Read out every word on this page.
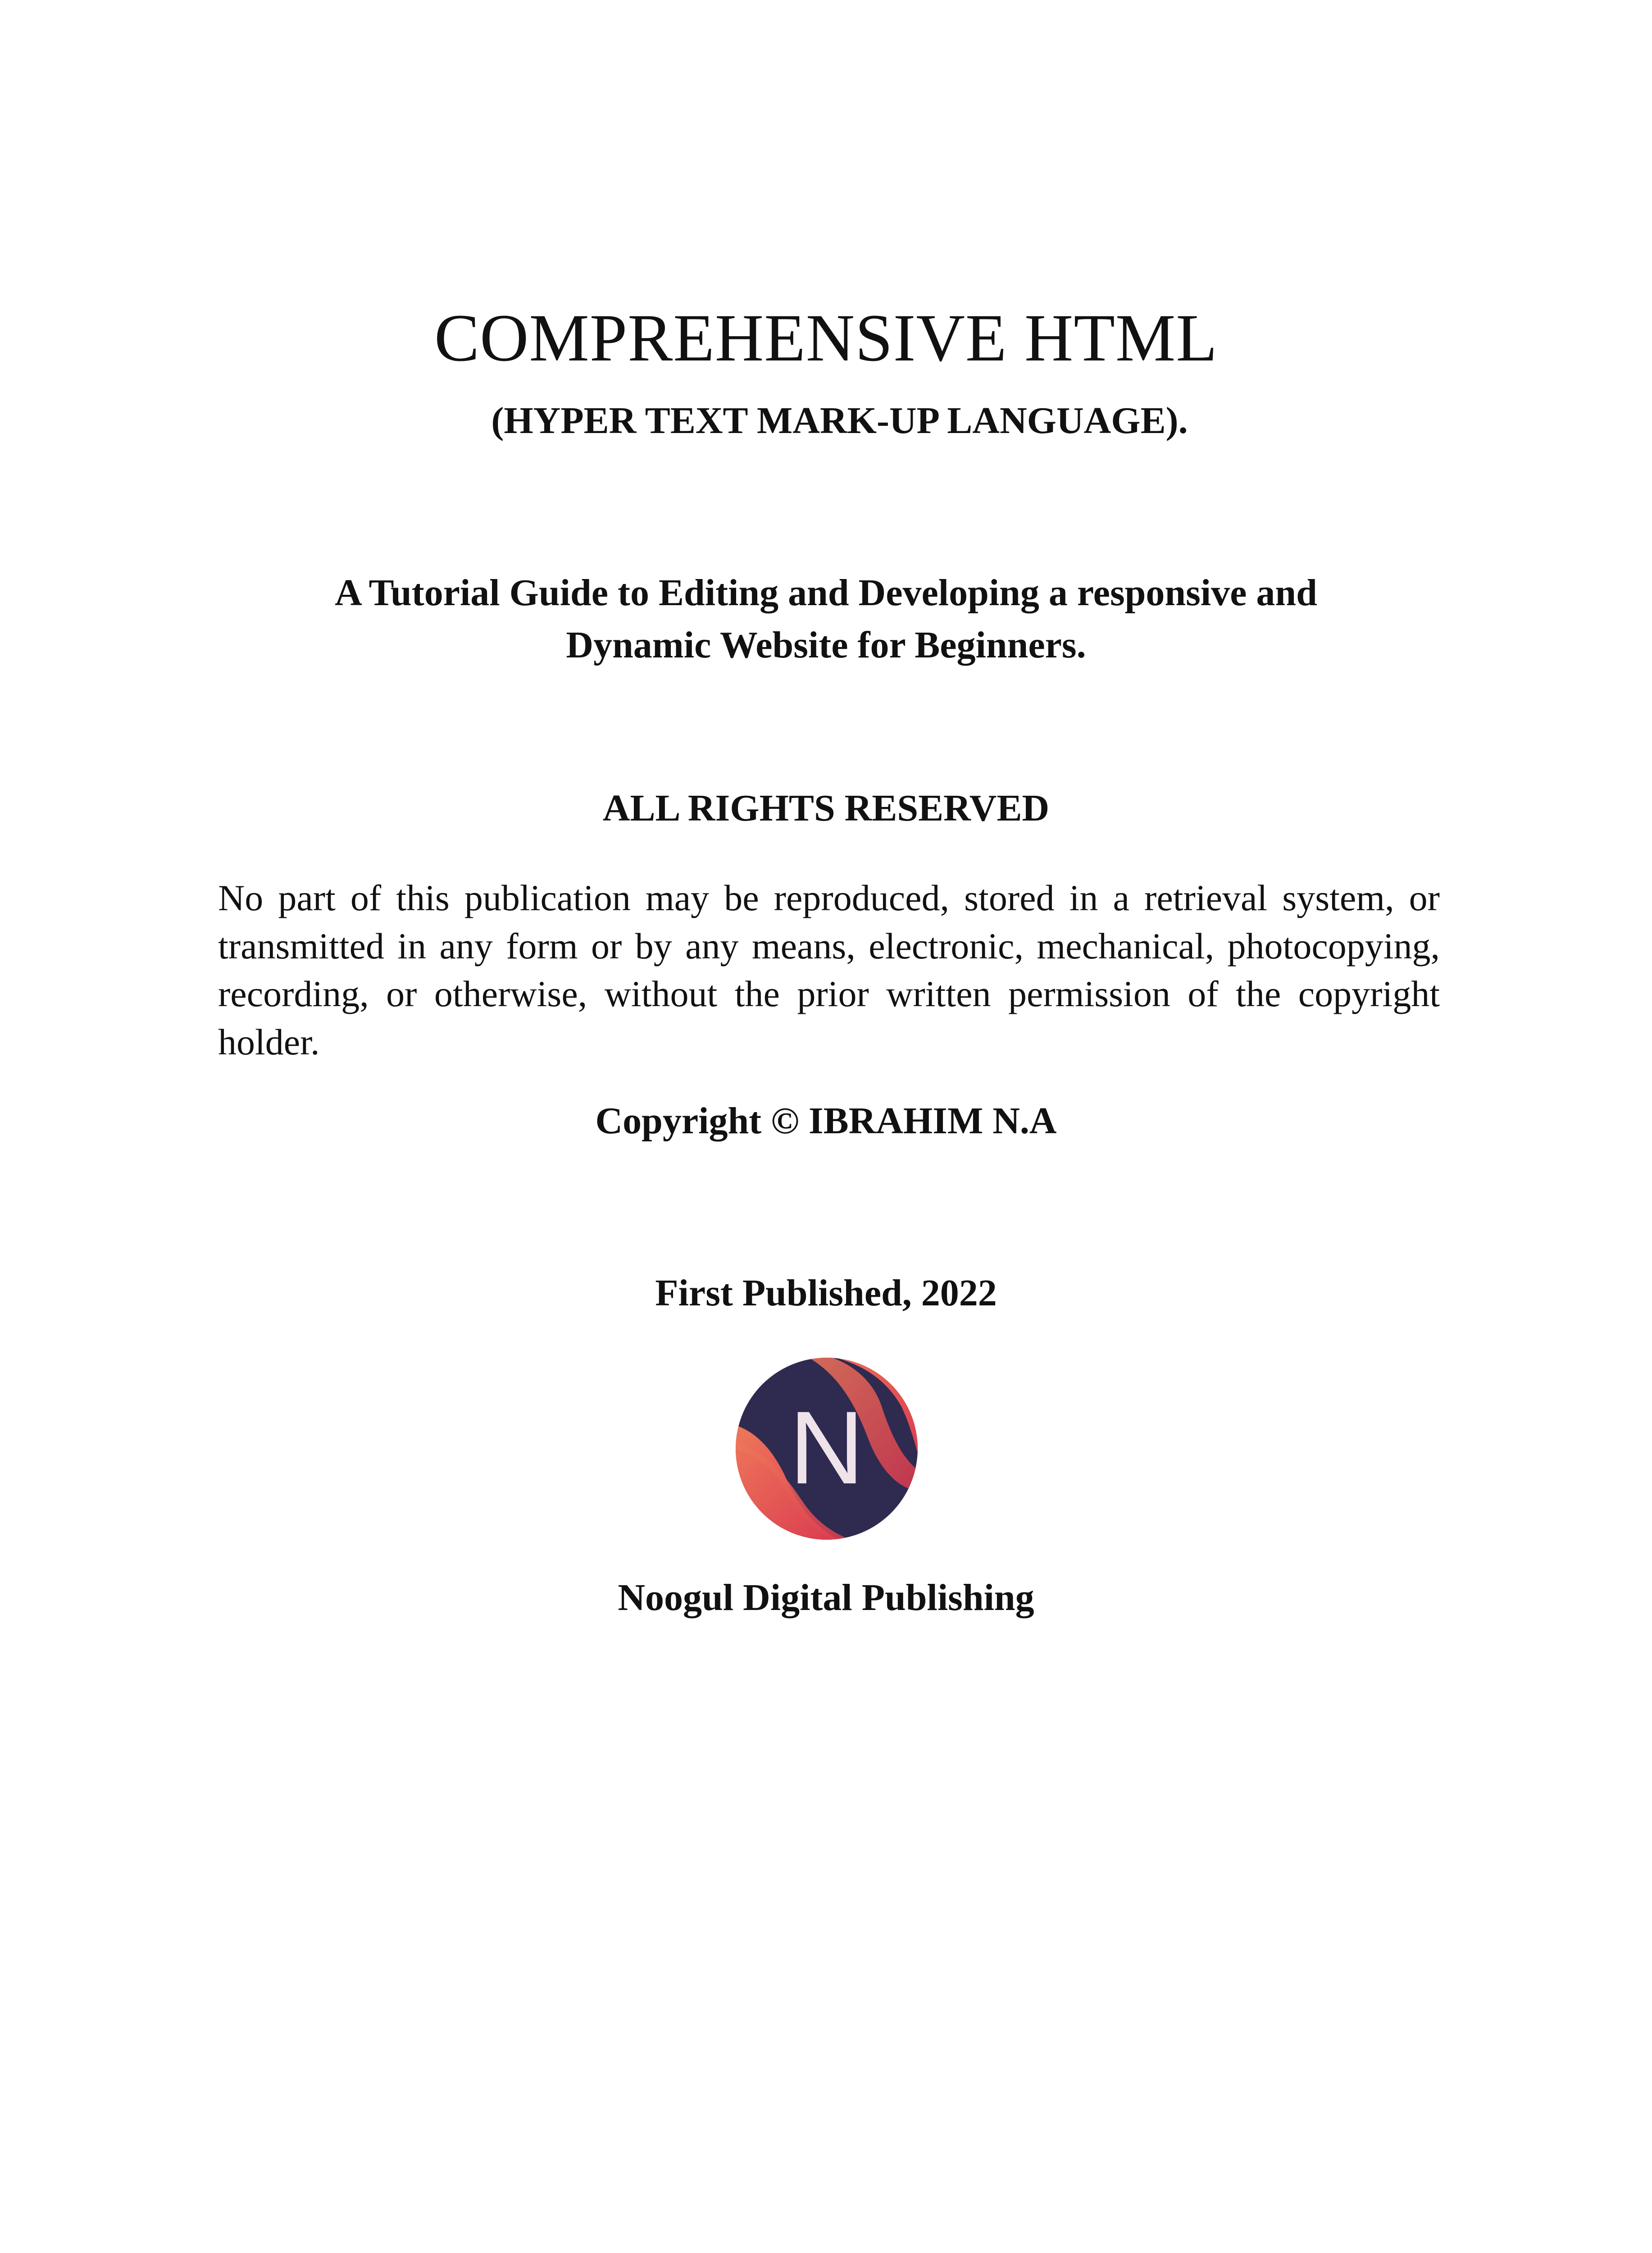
COMPREHENSIVE HTML
(HYPER TEXT MARK-UP LANGUAGE).
A Tutorial Guide to Editing and Developing a responsive and
Dynamic Website for Beginners.
ALL RIGHTS RESERVED
No part of this publication may be reproduced, stored in a retrieval system, or transmitted in any form or by any means, electronic, mechanical, photocopying, recording, or otherwise, without the prior written permission of the copyright holder.
Copyright © IBRAHIM N.A
First Published, 2022
N
Noogul Digital Publishing
